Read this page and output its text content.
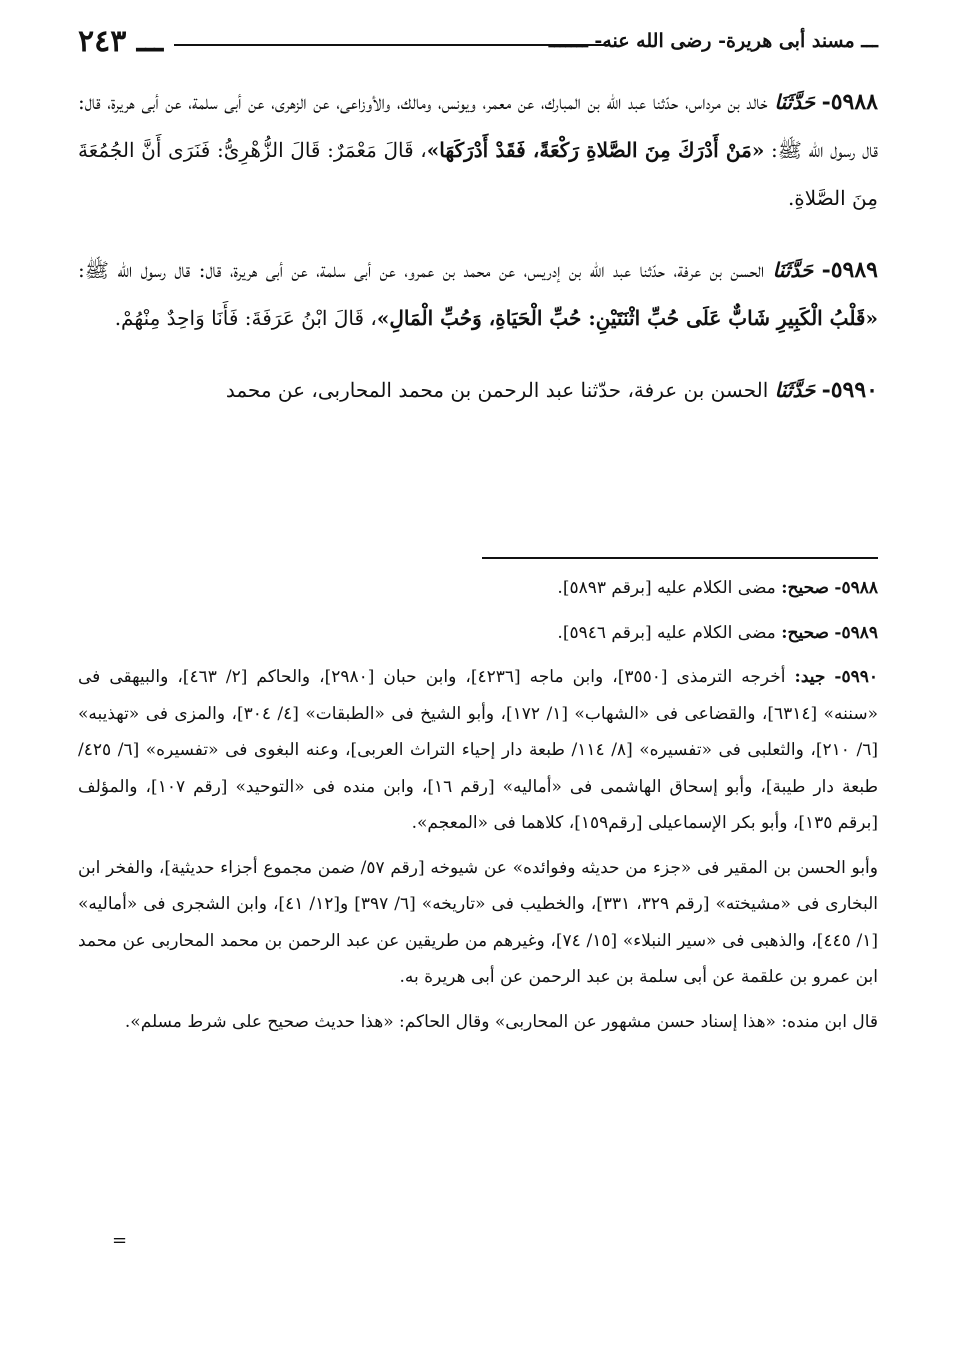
ـــ مسند أبى هريرة- رضى الله عنه- ـــــــ
ـــ ٢٤٣

٥٩٨٨- حَدَّثَنَا خالد بن مرداس، حدّثنا عبد الله بن المبارك، عن معمر، ويونس، ومالك، والأوزاعى، عن الزهرى، عن أبى سلمة، عن أبى هريرة، قال: قال رسول الله ﷺ: «مَنْ أَدْرَكَ مِنَ الصَّلاةِ رَكْعَةً، فَقَدْ أَدْرَكَهَا»، قَالَ مَعْمَرٌ: قَالَ الزُّهْرِىُّ: فَنَرَى أَنَّ الجُمُعَةَ مِنَ الصَّلاةِ.

٥٩٨٩- حَدَّثَنَا الحسن بن عرفة، حدّثنا عبد الله بن إدريس، عن محمد بن عمرو، عن أبى سلمة، عن أبى هريرة، قال: قال رسول الله ﷺ: «قَلْبُ الْكَبِيرِ شَابٌّ عَلَى حُبِّ اثْنَتَيْنِ: حُبِّ الْحَيَاةِ، وَحُبِّ الْمَالِ»، قَالَ ابْنُ عَرَفَةَ: فَأَنَا وَاحِدٌ مِنْهُمْ.

٥٩٩٠- حَدَّثَنَا الحسن بن عرفة، حدّثنا عبد الرحمن بن محمد المحاربى، عن محمد

٥٩٨٨- صحيح: مضى الكلام عليه [برقم ٥٨٩٣].

٥٩٨٩- صحيح: مضى الكلام عليه [برقم ٥٩٤٦].

٥٩٩٠- جيد: أخرجه الترمذى [٣٥٥٠]، وابن ماجه [٤٢٣٦]، وابن حبان [٢٩٨٠]، والحاكم [٢/ ٤٦٣]، والبيهقى فى «سننه» [٦٣١٤]، والقضاعى فى «الشهاب» [١/ ١٧٢]، وأبو الشيخ فى «الطبقات» [٤/ ٣٠٤]، والمزى فى «تهذيبه» [٦/ ٢١٠]، والثعلبى فى «تفسيره» [٨/ ١١٤/ طبعة دار إحياء التراث العربى]، وعنه البغوى فى «تفسيره» [٦/ ٤٢٥/ طبعة دار طيبة]، وأبو إسحاق الهاشمى فى «أماليه» [رقم ١٦]، وابن منده فى «التوحيد» [رقم ١٠٧]، والمؤلف [برقم ١٣٥]، وأبو بكر الإسماعيلى [رقم١٥٩]، كلاهما فى «المعجم».

وأبو الحسن بن المقير فى «جزء من حديثه وفوائده» عن شيوخه [رقم ٥٧/ ضمن مجموع أجزاء حديثية]، والفخر ابن البخارى فى «مشيخته» [رقم ٣٢٩، ٣٣١]، والخطيب فى «تاريخه» [٦/ ٣٩٧] و[١٢/ ٤١]، وابن الشجرى فى «أماليه» [١/ ٤٤٥]، والذهبى فى «سير النبلاء» [١٥/ ٧٤]، وغيرهم من طريقين عن عبد الرحمن بن محمد المحاربى عن محمد ابن عمرو بن علقمة عن أبى سلمة بن عبد الرحمن عن أبى هريرة به.

قال ابن منده: «هذا إسناد حسن مشهور عن المحاربى» وقال الحاكم: «هذا حديث صحيح على شرط مسلم».

=
